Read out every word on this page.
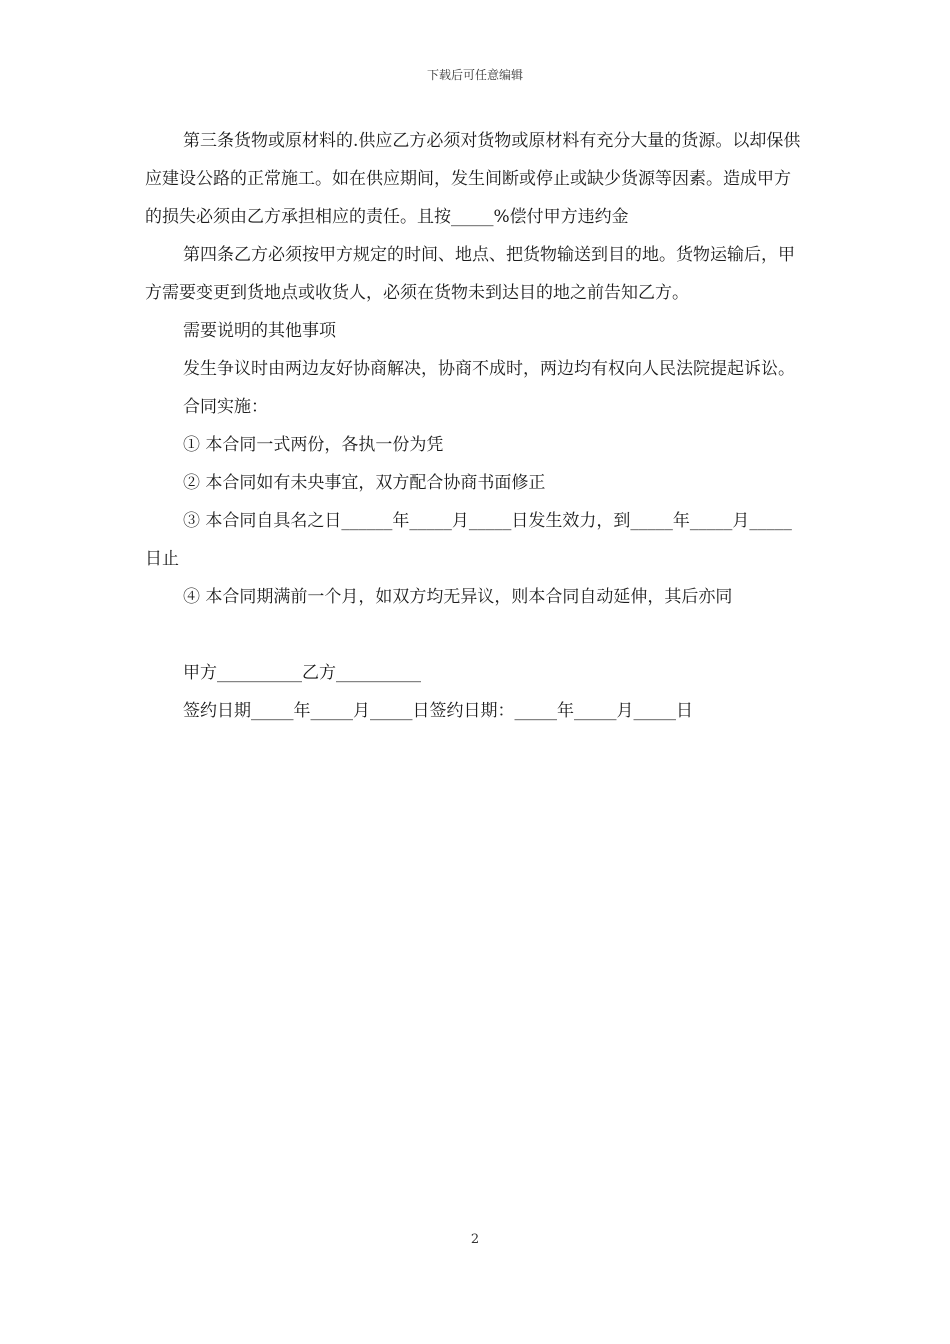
下载后可任意编辑

第三条货物或原材料的.供应乙方必须对货物或原材料有充分大量的货源。以却保供应建设公路的正常施工。如在供应期间，发生间断或停止或缺少货源等因素。造成甲方的损失必须由乙方承担相应的责任。且按_____%偿付甲方违约金

第四条乙方必须按甲方规定的时间、地点、把货物输送到目的地。货物运输后，甲方需要变更到货地点或收货人，必须在货物未到达目的地之前告知乙方。

需要说明的其他事项

发生争议时由两边友好协商解决，协商不成时，两边均有权向人民法院提起诉讼。

合同实施：

① 本合同一式两份，各执一份为凭

② 本合同如有未央事宜，双方配合协商书面修正

③ 本合同自具名之日______年_____月_____日发生效力，到_____年_____月_____日止

④ 本合同期满前一个月，如双方均无异议，则本合同自动延伸，其后亦同

甲方__________乙方__________

签约日期_____年_____月_____日签约日期：_____年_____月_____日

2
